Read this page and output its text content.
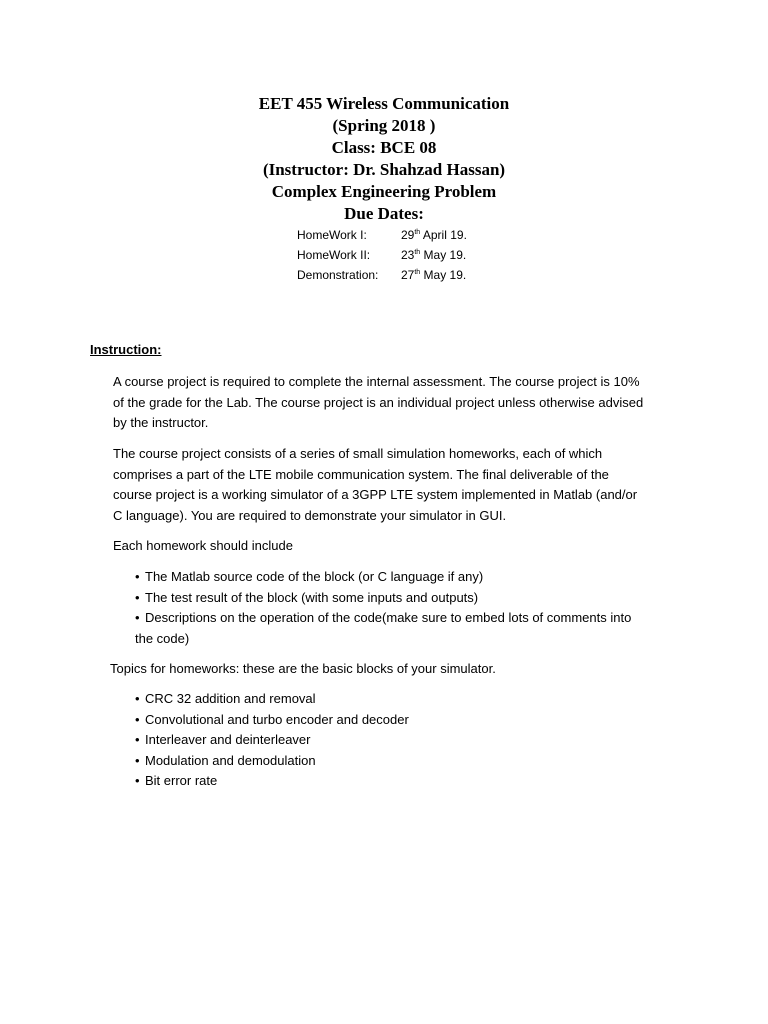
EET 455 Wireless Communication
(Spring 2018 )
Class: BCE 08
(Instructor: Dr. Shahzad Hassan)
Complex Engineering Problem
Due Dates:
HomeWork I:	29th April 19.
HomeWork II:	23th May 19.
Demonstration:	27th May 19.
Instruction:
A course project is required to complete the internal assessment. The course project is 10%
of the grade for the Lab. The course project is an individual project unless otherwise advised
by the instructor.
The course project consists of a series of small simulation homeworks, each of which
comprises a part of the LTE mobile communication system. The final deliverable of the
course project is a working simulator of a 3GPP LTE system implemented in Matlab (and/or
C language). You are required to demonstrate your simulator in GUI.
Each homework should include
• The Matlab source code of the block (or C language if any)
• The test result of the block (with some inputs and outputs)
• Descriptions on the operation of the code(make sure to embed lots of comments into
the code)
Topics for homeworks: these are the basic blocks of your simulator.
• CRC 32 addition and removal
• Convolutional and turbo encoder and decoder
• Interleaver and deinterleaver
• Modulation and demodulation
• Bit error rate
